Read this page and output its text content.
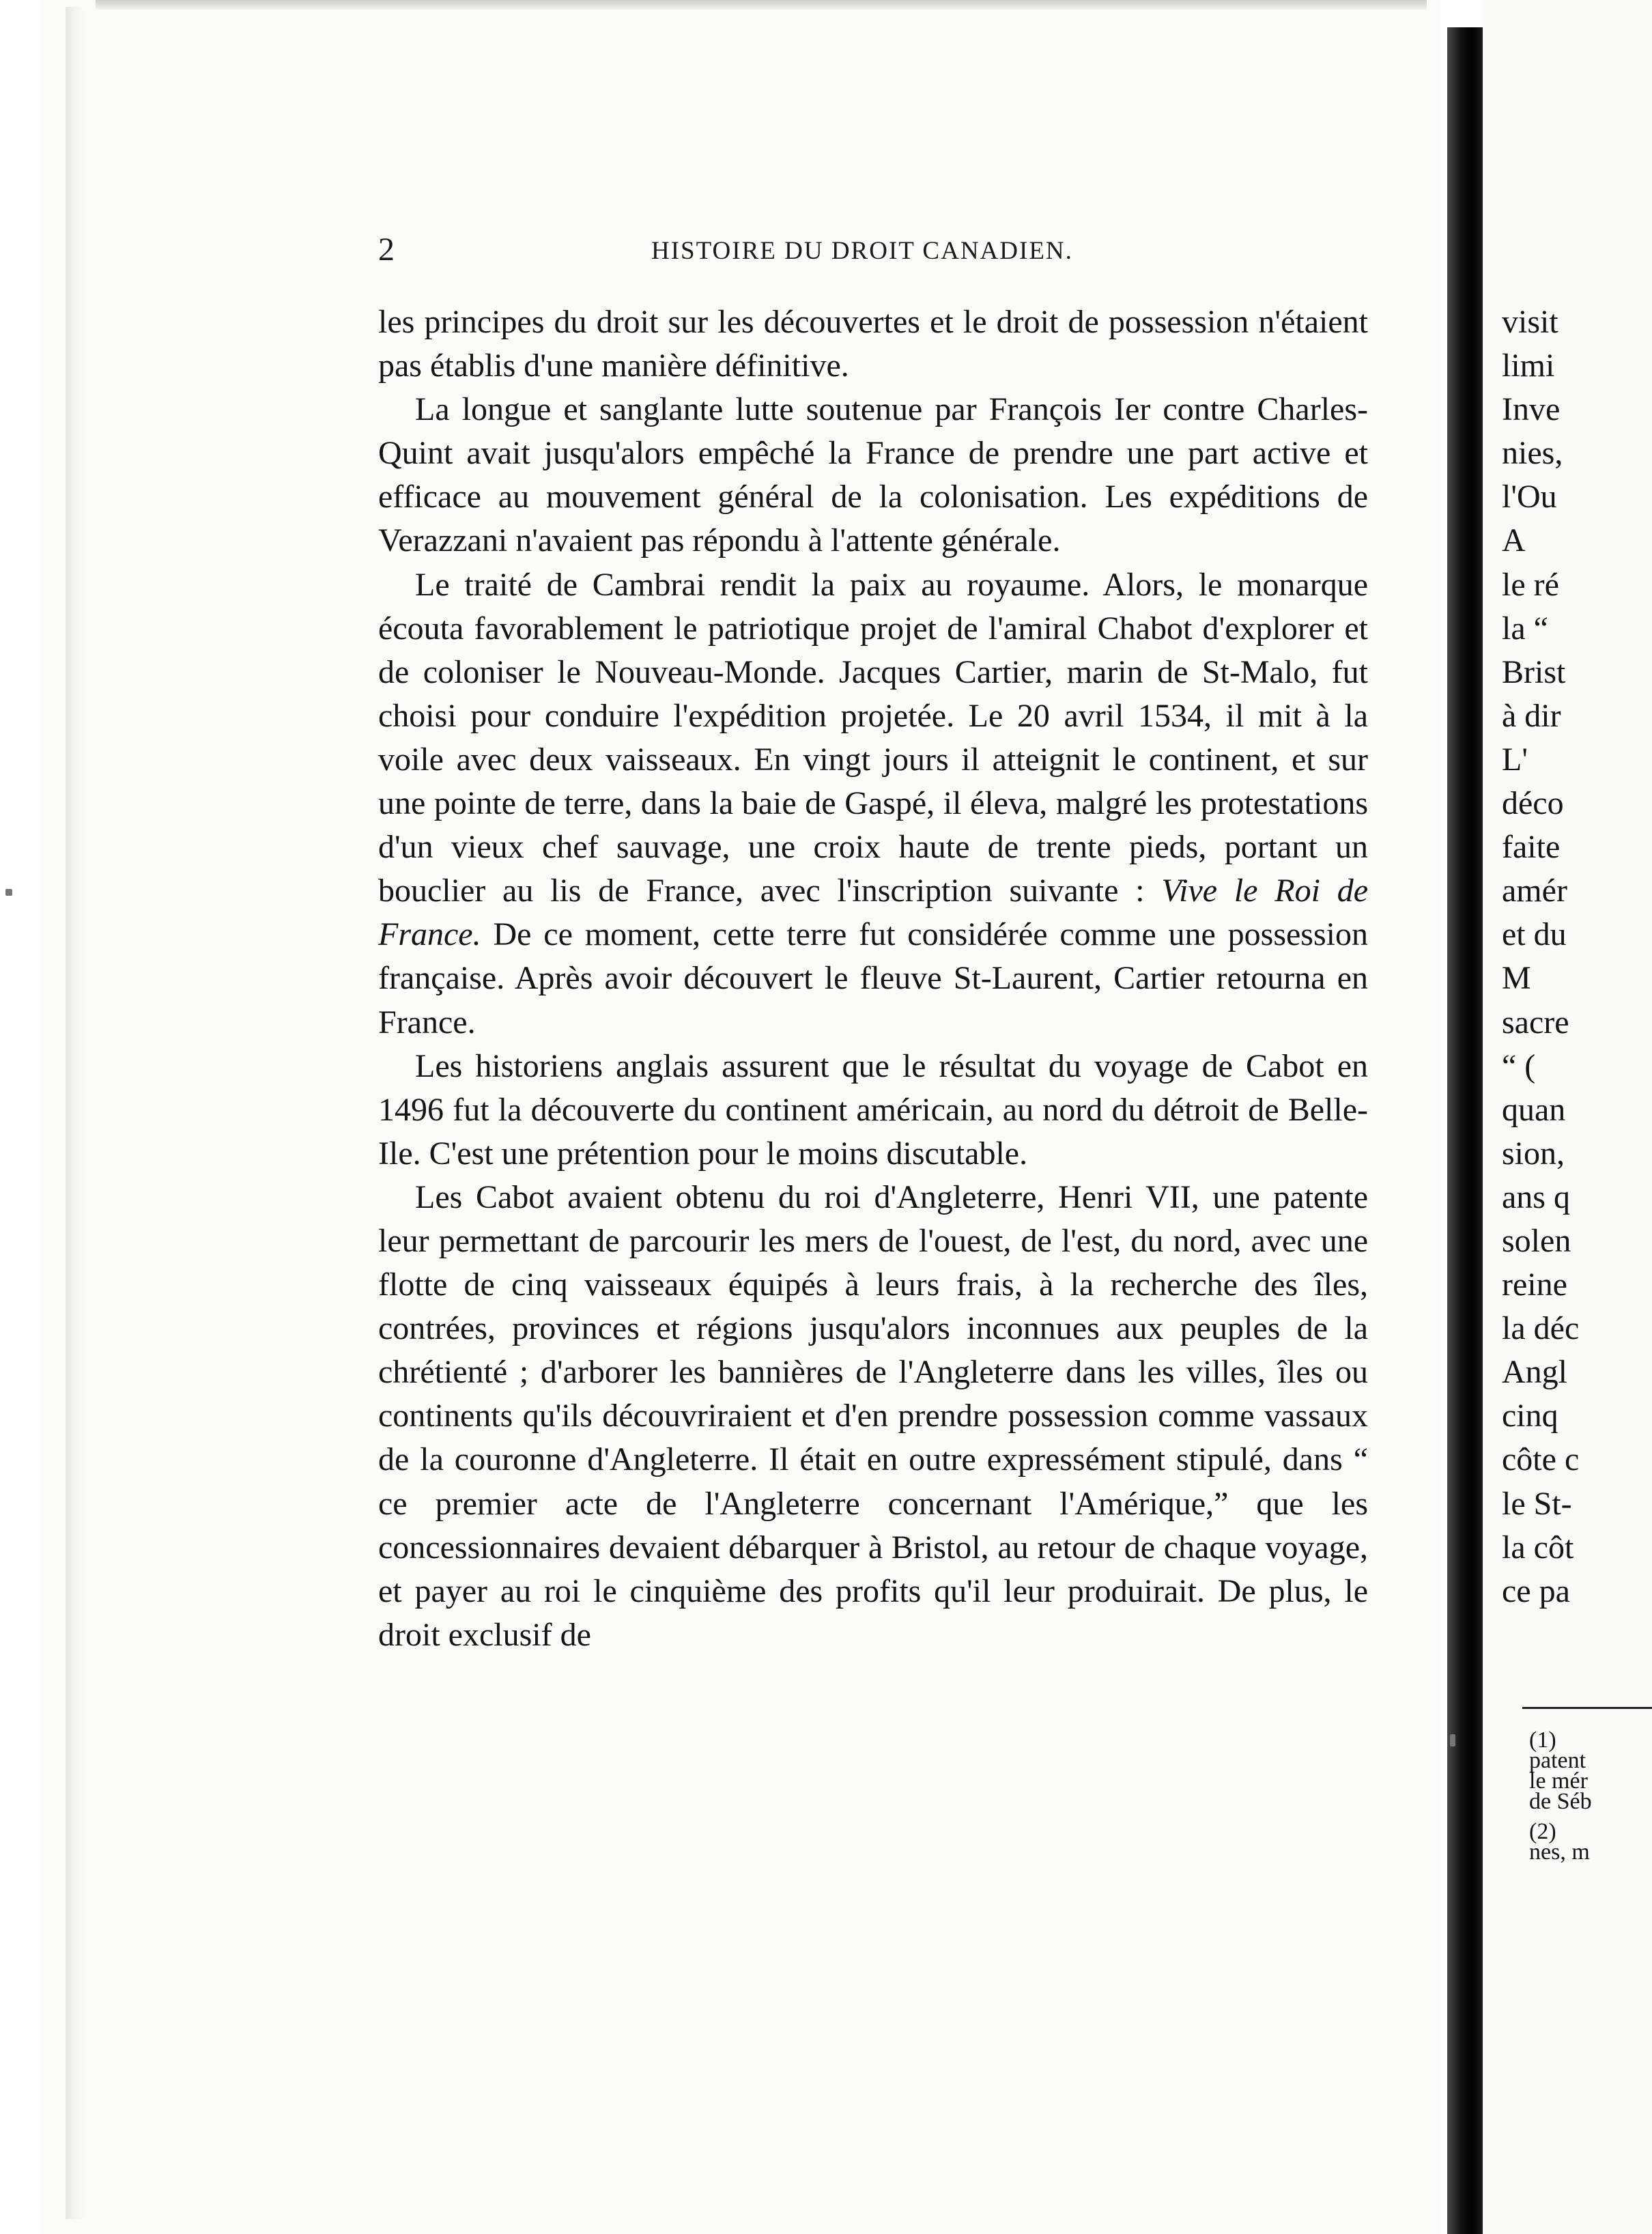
2	HISTOIRE DU DROIT CANADIEN.

les principes du droit sur les découvertes et le droit de possession n'étaient pas établis d'une manière définitive.

La longue et sanglante lutte soutenue par François Ier contre Charles-Quint avait jusqu'alors empêché la France de prendre une part active et efficace au mouvement général de la colonisation. Les expéditions de Verazzani n'avaient pas répondu à l'attente générale.

Le traité de Cambrai rendit la paix au royaume. Alors, le monarque écouta favorablement le patriotique projet de l'amiral Chabot d'explorer et de coloniser le Nouveau-Monde. Jacques Cartier, marin de St-Malo, fut choisi pour conduire l'expédition projetée. Le 20 avril 1534, il mit à la voile avec deux vaisseaux. En vingt jours il atteignit le continent, et sur une pointe de terre, dans la baie de Gaspé, il éleva, malgré les protestations d'un vieux chef sauvage, une croix haute de trente pieds, portant un bouclier au lis de France, avec l'inscription suivante : Vive le Roi de France. De ce moment, cette terre fut considérée comme une possession française. Après avoir découvert le fleuve St-Laurent, Cartier retourna en France.

Les historiens anglais assurent que le résultat du voyage de Cabot en 1496 fut la découverte du continent américain, au nord du détroit de Belle-Ile. C'est une prétention pour le moins discutable.

Les Cabot avaient obtenu du roi d'Angleterre, Henri VII, une patente leur permettant de parcourir les mers de l'ouest, de l'est, du nord, avec une flotte de cinq vaisseaux équipés à leurs frais, à la recherche des îles, contrées, provinces et régions jusqu'alors inconnues aux peuples de la chrétienté ; d'arborer les bannières de l'Angleterre dans les villes, îles ou continents qu'ils découvriraient et d'en prendre possession comme vassaux de la couronne d'Angleterre. Il était en outre expressément stipulé, dans “ ce premier acte de l'Angleterre concernant l'Amérique,” que les concessionnaires devaient débarquer à Bristol, au retour de chaque voyage, et payer au roi le cinquième des profits qu'il leur produirait. De plus, le droit exclusif de

visit
limi
Inve
nies,
l'Ou
A
le ré
la “
Brist
à dir
L'
déco
faite
amér
et du
M
sacre
“ (
quan
sion,
ans q
solen
reine
la déc
Angl
cinq
côte c
le St-
la côt
ce pa
(1)
patent
le mér
de Séb
(2)
nes, m
